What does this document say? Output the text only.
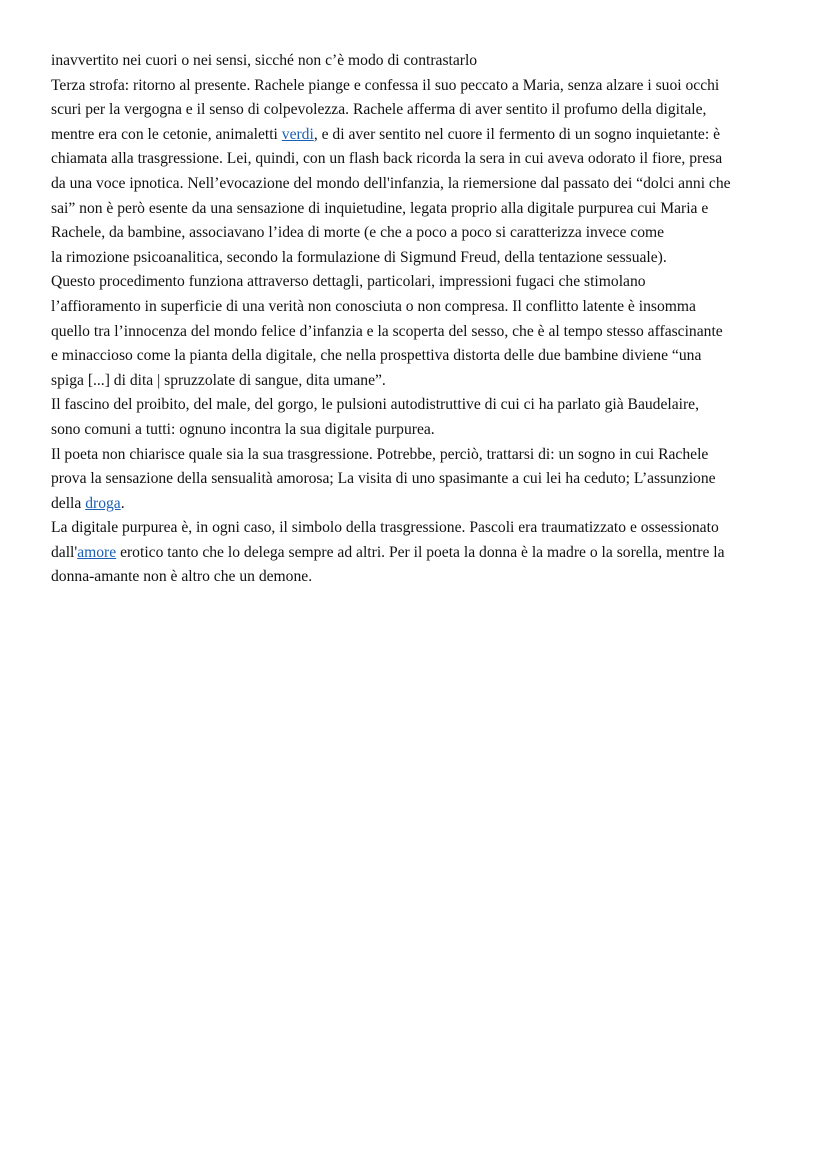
inavvertito nei cuori o nei sensi, sicché non c’è modo di contrastarlo
Terza strofa: ritorno al presente. Rachele piange e confessa il suo peccato a Maria, senza alzare i suoi occhi
scuri per la vergogna e il senso di colpevolezza. Rachele afferma di aver sentito il profumo della digitale,
mentre era con le cetonie, animaletti verdi, e di aver sentito nel cuore il fermento di un sogno inquietante: è
chiamata alla trasgressione. Lei, quindi, con un flash back ricorda la sera in cui aveva odorato il fiore, presa
da una voce ipnotica. Nell’evocazione del mondo dell'infanzia, la riemersione dal passato dei “dolci anni che
sai” non è però esente da una sensazione di inquietudine, legata proprio alla digitale purpurea cui Maria e
Rachele, da bambine, associavano l’idea di morte (e che a poco a poco si caratterizza invece come
la rimozione psicoanalitica, secondo la formulazione di Sigmund Freud, della tentazione sessuale).
Questo procedimento funziona attraverso dettagli, particolari, impressioni fugaci che stimolano
l’affioramento in superficie di una verità non conosciuta o non compresa. Il conflitto latente è insomma
quello tra l’innocenza del mondo felice d’infanzia e la scoperta del sesso, che è al tempo stesso affascinante
e minaccioso come la pianta della digitale, che nella prospettiva distorta delle due bambine diviene “una
spiga [...] di dita | spruzzolate di sangue, dita umane”.
Il fascino del proibito, del male, del gorgo, le pulsioni autodistruttive di cui ci ha parlato già Baudelaire,
sono comuni a tutti: ognuno incontra la sua digitale purpurea.
Il poeta non chiarisce quale sia la sua trasgressione. Potrebbe, perciò, trattarsi di: un sogno in cui Rachele
prova la sensazione della sensualità amorosa; La visita di uno spasimante a cui lei ha ceduto; L’assunzione
della droga.
La digitale purpurea è, in ogni caso, il simbolo della trasgressione. Pascoli era traumatizzato e ossessionato
dall'amore erotico tanto che lo delega sempre ad altri. Per il poeta la donna è la madre o la sorella, mentre la
donna-amante non è altro che un demone.
